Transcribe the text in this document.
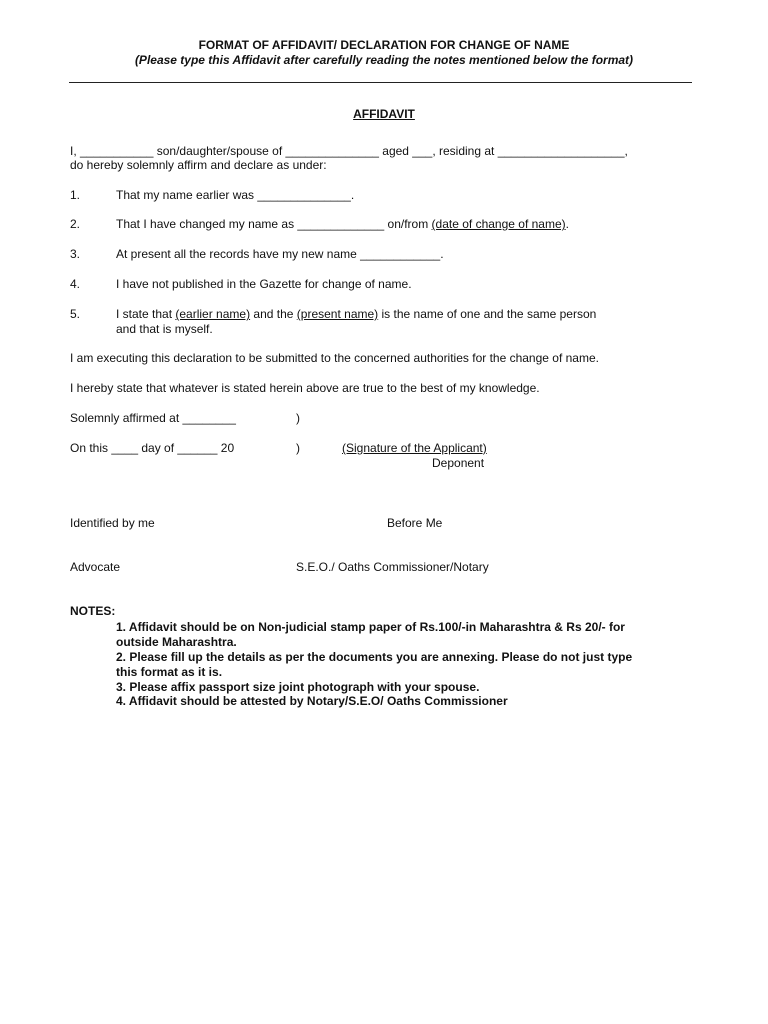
FORMAT OF AFFIDAVIT/ DECLARATION FOR CHANGE OF NAME
(Please type this Affidavit after carefully reading the notes mentioned below the format)
AFFIDAVIT
I, ___________ son/daughter/spouse of ______________ aged ___, residing at ___________________,
do hereby solemnly affirm and declare as under:
1.	That my name earlier was ______________.
2.	That I have changed my name as _____________ on/from (date of change of name).
3.	At present all the records have my new name ____________.
4.	I have not published in the Gazette for change of name.
5.	I state that (earlier name) and the (present name) is the name of one and the same person
and that is myself.
I am executing this declaration to be submitted to the concerned authorities for the change of name.
I hereby state that whatever is stated herein above are true to the best of my knowledge.
Solemnly affirmed at ________	)
On this ____ day of ______ 20	)	(Signature of the Applicant)
Deponent
Identified by me	Before Me
Advocate	S.E.O./ Oaths Commissioner/Notary
NOTES:
1. Affidavit should be on Non-judicial stamp paper of Rs.100/-in Maharashtra & Rs 20/- for
outside Maharashtra.
2. Please fill up the details as per the documents you are annexing. Please do not just type
this format as it is.
3. Please affix passport size joint photograph with your spouse.
4. Affidavit should be attested by Notary/S.E.O/ Oaths Commissioner
